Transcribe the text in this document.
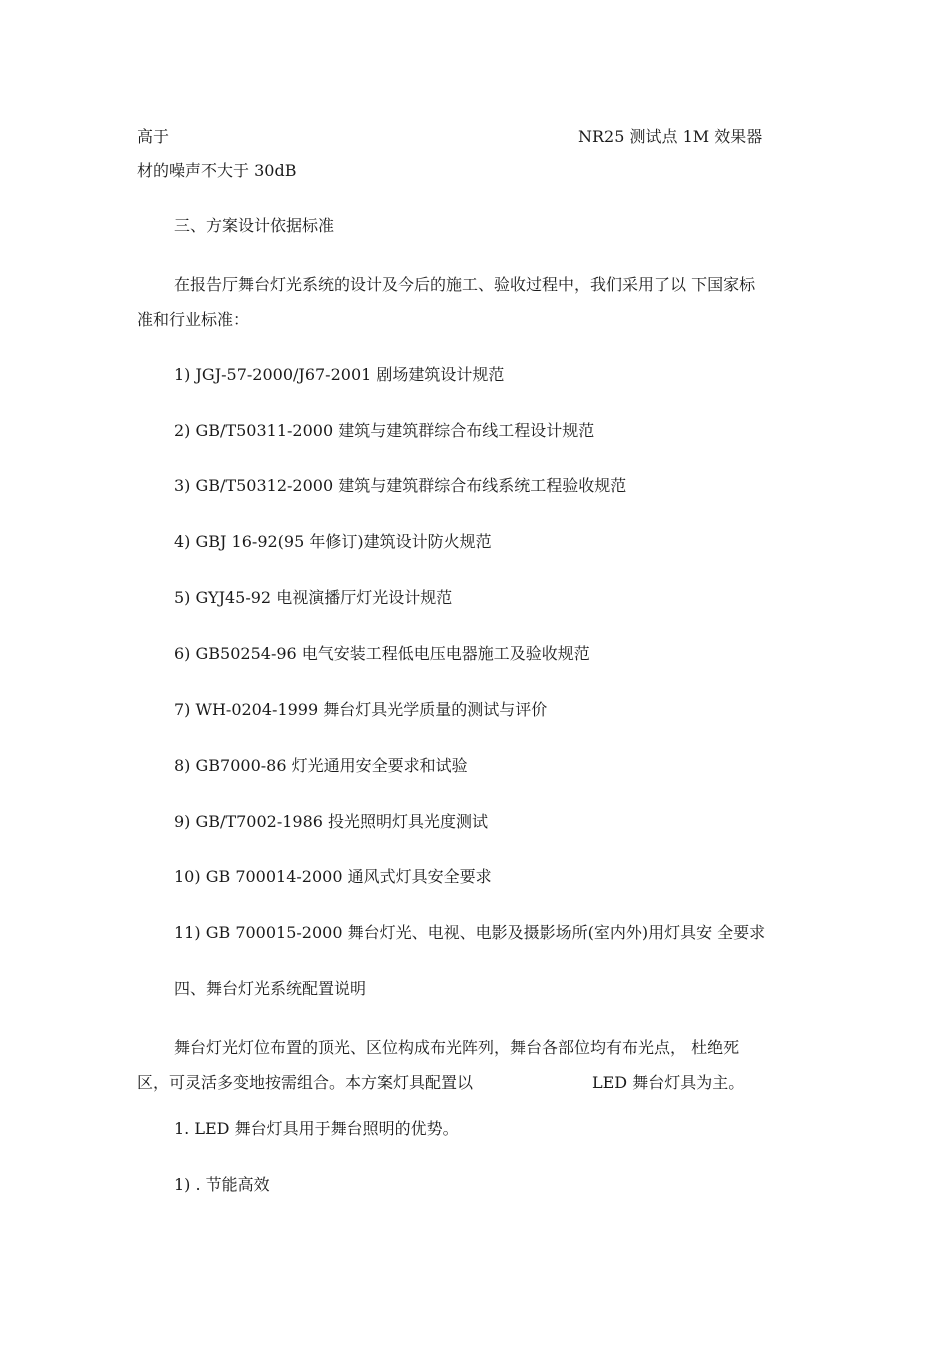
高于	NR25 测试点 1M 效果器
材的噪声不大于 30dB
三、方案设计依据标准
在报告厅舞台灯光系统的设计及今后的施工、验收过程中，我们采用了以 下国家标
准和行业标准：
1) JGJ-57-2000/J67-2001 剧场建筑设计规范
2) GB/T50311-2000 建筑与建筑群综合布线工程设计规范
3) GB/T50312-2000 建筑与建筑群综合布线系统工程验收规范
4) GBJ 16-92(95 年修订)建筑设计防火规范
5) GYJ45-92 电视演播厅灯光设计规范
6) GB50254-96 电气安装工程低电压电器施工及验收规范
7) WH-0204-1999 舞台灯具光学质量的测试与评价
8) GB7000-86 灯光通用安全要求和试验
9) GB/T7002-1986 投光照明灯具光度测试
10) GB 700014-2000 通风式灯具安全要求
11) GB 700015-2000 舞台灯光、电视、电影及摄影场所(室内外)用灯具安 全要求
四、舞台灯光系统配置说明
舞台灯光灯位布置的顶光、区位构成布光阵列，舞台各部位均有布光点， 杜绝死
区，可灵活多变地按需组合。本方案灯具配置以	LED 舞台灯具为主。
1. LED 舞台灯具用于舞台照明的优势。
1) . 节能高效
